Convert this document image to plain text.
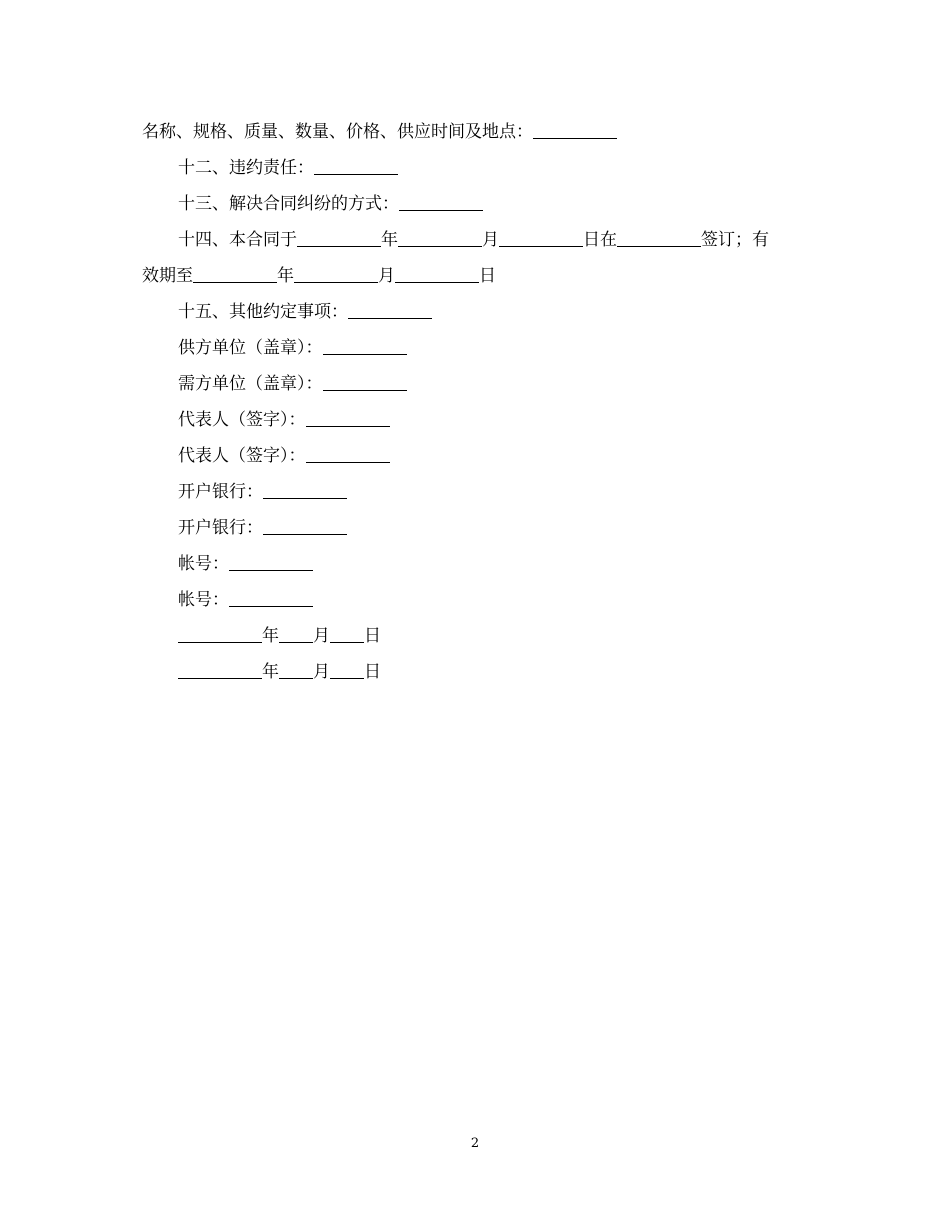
名称、规格、质量、数量、价格、供应时间及地点：
十二、违约责任：
十三、解决合同纠纷的方式：
十四、本合同于	年	月	日在	签订；有
效期至	年	月	日
十五、其他约定事项：
供方单位（盖章）：
需方单位（盖章）：
代表人（签字）：
代表人（签字）：
开户银行：
开户银行：
帐号：
帐号：
年 月 日
年 月 日
2
